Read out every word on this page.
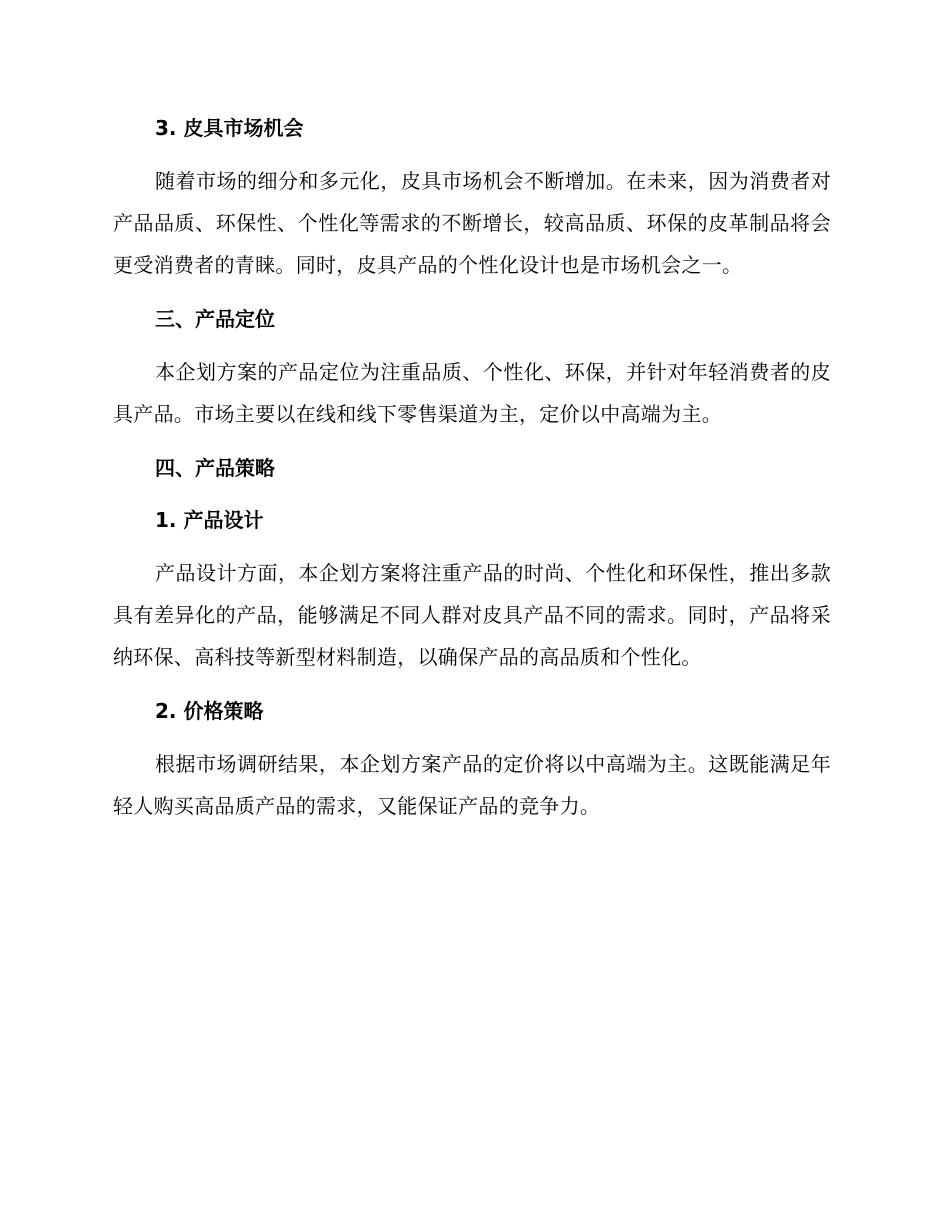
3. 皮具市场机会

随着市场的细分和多元化，皮具市场机会不断增加。在未来，因为消费者对产品品质、环保性、个性化等需求的不断增长，较高品质、环保的皮革制品将会更受消费者的青睐。同时，皮具产品的个性化设计也是市场机会之一。

三、产品定位

本企划方案的产品定位为注重品质、个性化、环保，并针对年轻消费者的皮具产品。市场主要以在线和线下零售渠道为主，定价以中高端为主。

四、产品策略
1. 产品设计

产品设计方面，本企划方案将注重产品的时尚、个性化和环保性，推出多款具有差异化的产品，能够满足不同人群对皮具产品不同的需求。同时，产品将采纳环保、高科技等新型材料制造，以确保产品的高品质和个性化。

2. 价格策略

根据市场调研结果，本企划方案产品的定价将以中高端为主。这既能满足年轻人购买高品质产品的需求，又能保证产品的竞争力。
